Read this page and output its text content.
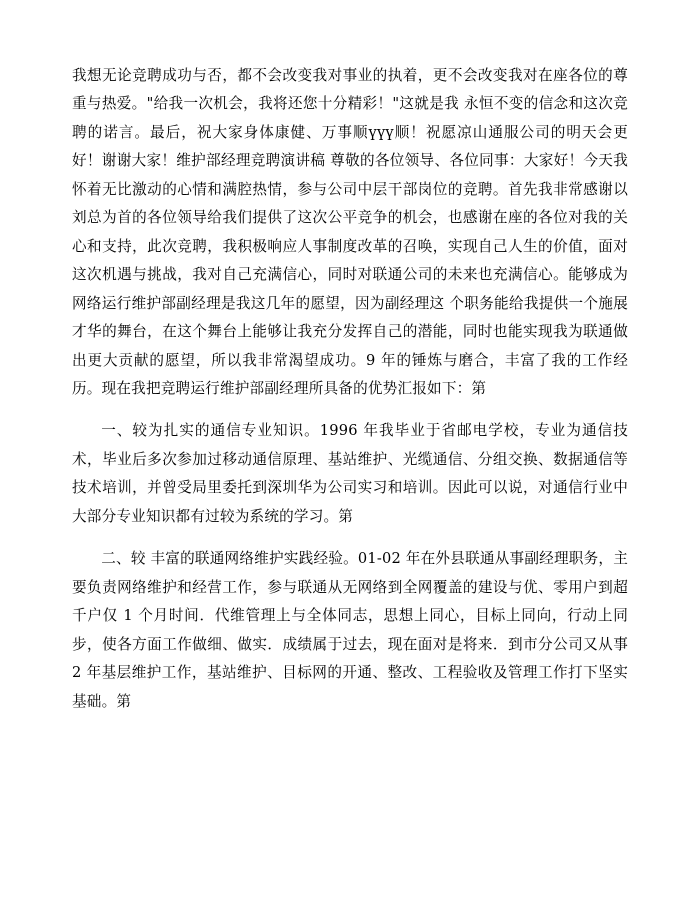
我想无论竞聘成功与否，都不会改变我对事业的执着，更不会改变我对在座各位的尊重与热爱。"给我一次机会，我将还您十分精彩！"这就是我 永恒不变的信念和这次竞聘的诺言。最后，祝大家身体康健、万事顺үүү顺！祝愿凉山通服公司的明天会更好！谢谢大家！维护部经理竞聘演讲稿 尊敬的各位领导、各位同事：大家好！今天我怀着无比激动的心情和满腔热情，参与公司中层干部岗位的竞聘。首先我非常感谢以刘总为首的各位领导给我们提供了这次公平竞争的机会，也感谢在座的各位对我的关心和支持，此次竞聘，我积极响应人事制度改革的召唤，实现自己人生的价值，面对这次机遇与挑战，我对自己充满信心，同时对联通公司的未来也充满信心。能够成为网络运行维护部副经理是我这几年的愿望，因为副经理这 个职务能给我提供一个施展才华的舞台，在这个舞台上能够让我充分发挥自己的潜能，同时也能实现我为联通做出更大贡献的愿望，所以我非常渴望成功。9 年的锤炼与磨合，丰富了我的工作经历。现在我把竞聘运行维护部副经理所具备的优势汇报如下：第

一、较为扎实的通信专业知识。1996 年我毕业于省邮电学校，专业为通信技术，毕业后多次参加过移动通信原理、基站维护、光缆通信、分组交换、数据通信等技术培训，并曾受局里委托到深圳华为公司实习和培训。因此可以说，对通信行业中大部分专业知识都有过较为系统的学习。第

二、较 丰富的联通网络维护实践经验。01-02 年在外县联通从事副经理职务，主要负责网络维护和经营工作，参与联通从无网络到全网覆盖的建设与优、零用户到超千户仅 1 个月时间．代维管理上与全体同志，思想上同心，目标上同向，行动上同步，使各方面工作做细、做实．成绩属于过去，现在面对是将来．到市分公司又从事 2 年基层维护工作，基站维护、目标网的开通、整改、工程验收及管理工作打下坚实基础。第
